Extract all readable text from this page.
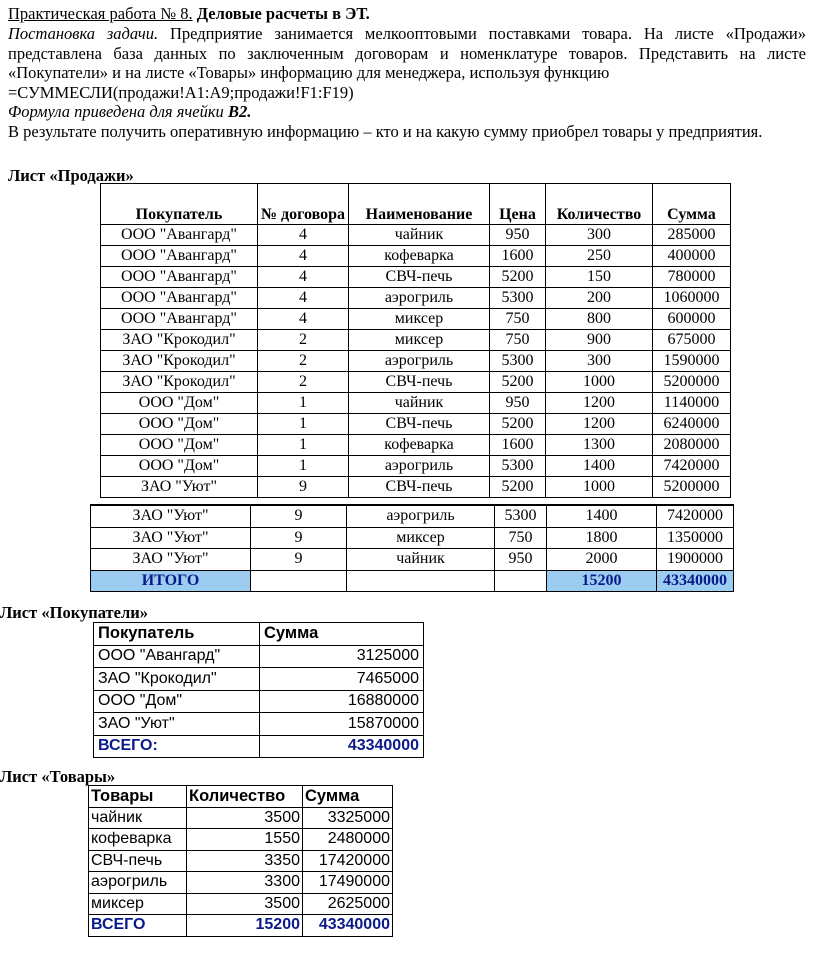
Практическая работа № 8. Деловые расчеты в ЭТ.
Постановка задачи. Предприятие занимается мелкооптовыми поставками товара. На листе «Продажи» представлена база данных по заключенным договорам и номенклатуре товаров. Представить на листе «Покупатели» и на листе «Товары» информацию для менеджера, используя функцию
=СУММЕСЛИ(продажи!A1:A9;продажи!F1:F19)
Формула приведена для ячейки B2.
В результате получить оперативную информацию – кто и на какую сумму приобрел товары у предприятия.
Лист «Продажи»
Покупатель	№ договора	Наименование	Цена	Количество	Сумма
ООО "Авангард"	4	чайник	950	300	285000
ООО "Авангард"	4	кофеварка	1600	250	400000
ООО "Авангард"	4	СВЧ-печь	5200	150	780000
ООО "Авангард"	4	аэрогриль	5300	200	1060000
ООО "Авангард"	4	миксер	750	800	600000
ЗАО "Крокодил"	2	миксер	750	900	675000
ЗАО "Крокодил"	2	аэрогриль	5300	300	1590000
ЗАО "Крокодил"	2	СВЧ-печь	5200	1000	5200000
ООО "Дом"	1	чайник	950	1200	1140000
ООО "Дом"	1	СВЧ-печь	5200	1200	6240000
ООО "Дом"	1	кофеварка	1600	1300	2080000
ООО "Дом"	1	аэрогриль	5300	1400	7420000
ЗАО "Уют"	9	СВЧ-печь	5200	1000	5200000
ЗАО "Уют"	9	аэрогриль	5300	1400	7420000
ЗАО "Уют"	9	миксер	750	1800	1350000
ЗАО "Уют"	9	чайник	950	2000	1900000
ИТОГО				15200	43340000
Лист «Покупатели»
Покупатель	Сумма
ООО "Авангард"	3125000
ЗАО "Крокодил"	7465000
ООО "Дом"	16880000
ЗАО "Уют"	15870000
ВСЕГО:	43340000
Лист «Товары»
Товары	Количество	Сумма
чайник	3500	3325000
кофеварка	1550	2480000
СВЧ-печь	3350	17420000
аэрогриль	3300	17490000
миксер	3500	2625000
ВСЕГО	15200	43340000
